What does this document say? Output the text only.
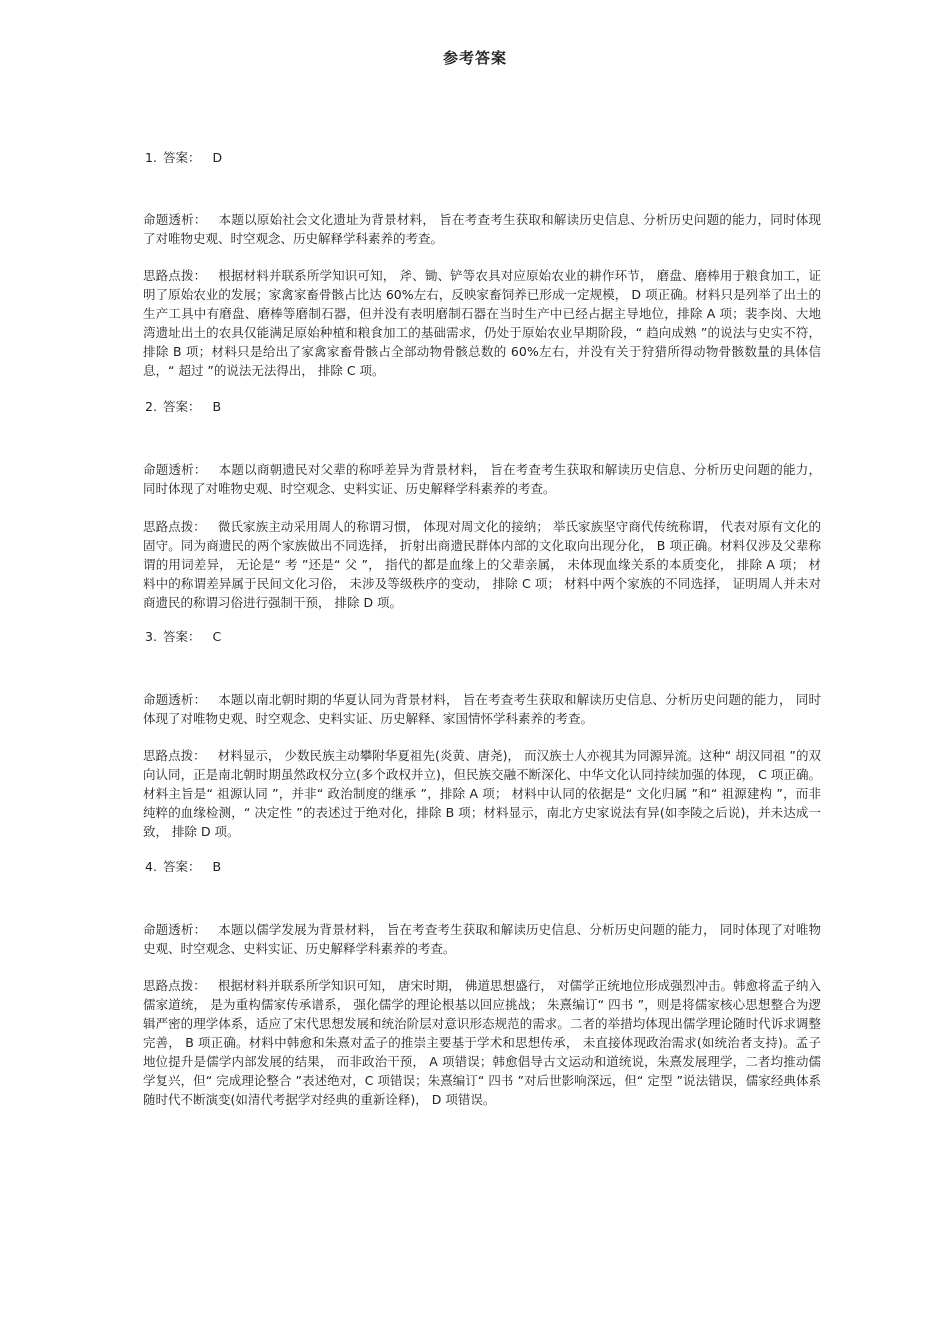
参考答案

1. 答案： D

命题透析： 本题以原始社会文化遗址为背景材料， 旨在考查考生获取和解读历史信息、分析历史问题的能力，同时体现了对唯物史观、时空观念、历史解释学科素养的考查。

思路点拨： 根据材料并联系所学知识可知， 斧、锄、铲等农具对应原始农业的耕作环节， 磨盘、磨棒用于粮食加工，证明了原始农业的发展；家禽家畜骨骸占比达 60%左右，反映家畜饲养已形成一定规模， D 项正确。材料只是列举了出土的生产工具中有磨盘、磨棒等磨制石器，但并没有表明磨制石器在当时生产中已经占据主导地位，排除 A 项；裴李岗、大地湾遗址出土的农具仅能满足原始种植和粮食加工的基础需求，仍处于原始农业早期阶段，“ 趋向成熟 ”的说法与史实不符，排除 B 项；材料只是给出了家禽家畜骨骸占全部动物骨骸总数的 60%左右，并没有关于狩猎所得动物骨骸数量的具体信息，“ 超过 ”的说法无法得出， 排除 C 项。

2. 答案： B

命题透析： 本题以商朝遗民对父辈的称呼差异为背景材料， 旨在考查考生获取和解读历史信息、分析历史问题的能力， 同时体现了对唯物史观、时空观念、史料实证、历史解释学科素养的考查。

思路点拨： 微氏家族主动采用周人的称谓习惯， 体现对周文化的接纳； 举氏家族坚守商代传统称谓， 代表对原有文化的固守。同为商遗民的两个家族做出不同选择， 折射出商遗民群体内部的文化取向出现分化， B 项正确。材料仅涉及父辈称谓的用词差异， 无论是“ 考 ”还是“ 父 ”， 指代的都是血缘上的父辈亲属， 未体现血缘关系的本质变化， 排除 A 项； 材料中的称谓差异属于民间文化习俗， 未涉及等级秩序的变动， 排除 C 项； 材料中两个家族的不同选择， 证明周人并未对商遗民的称谓习俗进行强制干预， 排除 D 项。

3. 答案： C

命题透析： 本题以南北朝时期的华夏认同为背景材料， 旨在考查考生获取和解读历史信息、分析历史问题的能力， 同时体现了对唯物史观、时空观念、史料实证、历史解释、家国情怀学科素养的考查。

思路点拨： 材料显示， 少数民族主动攀附华夏祖先(炎黄、唐尧)， 而汉族士人亦视其为同源异流。这种“ 胡汉同祖 ”的双向认同，正是南北朝时期虽然政权分立(多个政权并立)，但民族交融不断深化、中华文化认同持续加强的体现， C 项正确。材料主旨是“ 祖源认同 ”，并非“ 政治制度的继承 ”，排除 A 项； 材料中认同的依据是“ 文化归属 ”和“ 祖源建构 ”，而非纯粹的血缘检测，“ 决定性 ”的表述过于绝对化，排除 B 项；材料显示，南北方史家说法有异(如李陵之后说)，并未达成一致， 排除 D 项。

4. 答案： B

命题透析： 本题以儒学发展为背景材料， 旨在考查考生获取和解读历史信息、分析历史问题的能力， 同时体现了对唯物史观、时空观念、史料实证、历史解释学科素养的考查。

思路点拨： 根据材料并联系所学知识可知， 唐宋时期， 佛道思想盛行， 对儒学正统地位形成强烈冲击。韩愈将孟子纳入儒家道统， 是为重构儒家传承谱系， 强化儒学的理论根基以回应挑战； 朱熹编订“ 四书 ”，则是将儒家核心思想整合为逻辑严密的理学体系，适应了宋代思想发展和统治阶层对意识形态规范的需求。二者的举措均体现出儒学理论随时代诉求调整完善， B 项正确。材料中韩愈和朱熹对孟子的推崇主要基于学术和思想传承， 未直接体现政治需求(如统治者支持)。孟子地位提升是儒学内部发展的结果， 而非政治干预， A 项错误；韩愈倡导古文运动和道统说，朱熹发展理学，二者均推动儒学复兴，但“ 完成理论整合 ”表述绝对，C 项错误；朱熹编订“ 四书 ”对后世影响深远，但“ 定型 ”说法错误，儒家经典体系随时代不断演变(如清代考据学对经典的重新诠释)， D 项错误。
